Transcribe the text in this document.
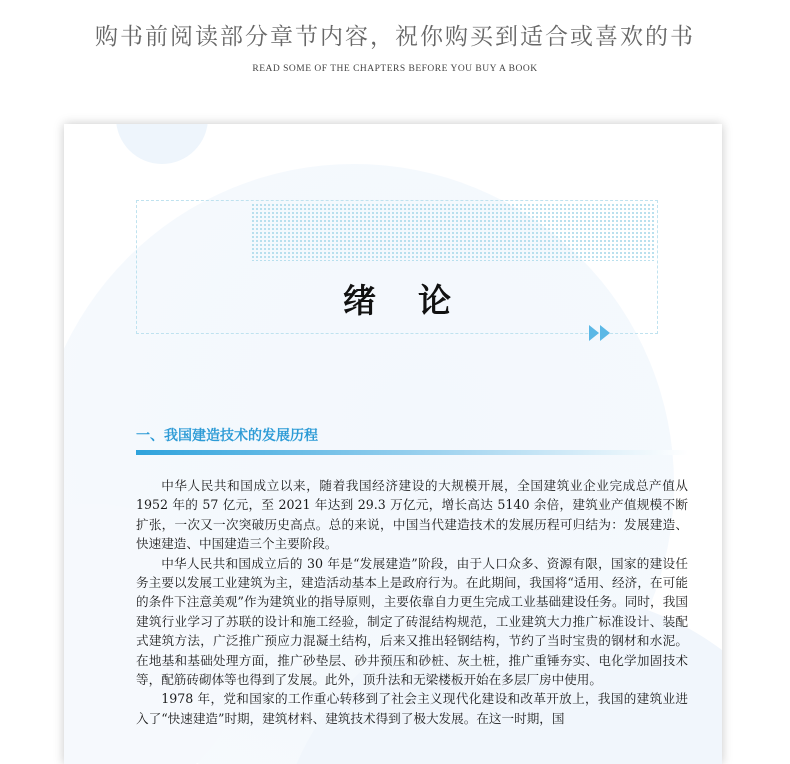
购书前阅读部分章节内容，祝你购买到适合或喜欢的书
READ SOME OF THE CHAPTERS BEFORE YOU BUY A BOOK
绪论
一、我国建造技术的发展历程

中华人民共和国成立以来，随着我国经济建设的大规模开展，全国建筑业企业完成总产值从 1952 年的 57 亿元，至 2021 年达到 29.3 万亿元，增长高达 5140 余倍，建筑业产值规模不断扩张，一次又一次突破历史高点。总的来说，中国当代建造技术的发展历程可归结为：发展建造、快速建造、中国建造三个主要阶段。

中华人民共和国成立后的 30 年是“发展建造”阶段，由于人口众多、资源有限，国家的建设任务主要以发展工业建筑为主，建造活动基本上是政府行为。在此期间，我国将“适用、经济，在可能的条件下注意美观”作为建筑业的指导原则，主要依靠自力更生完成工业基础建设任务。同时，我国建筑行业学习了苏联的设计和施工经验，制定了砖混结构规范，工业建筑大力推广标准设计、装配式建筑方法，广泛推广预应力混凝土结构，后来又推出轻钢结构，节约了当时宝贵的钢材和水泥。在地基和基础处理方面，推广砂垫层、砂井预压和砂桩、灰土桩，推广重锤夯实、电化学加固技术等，配筋砖砌体等也得到了发展。此外，顶升法和无梁楼板开始在多层厂房中使用。

1978 年，党和国家的工作重心转移到了社会主义现代化建设和改革开放上，我国的建筑业进入了“快速建造”时期，建筑材料、建筑技术得到了极大发展。在这一时期，国
